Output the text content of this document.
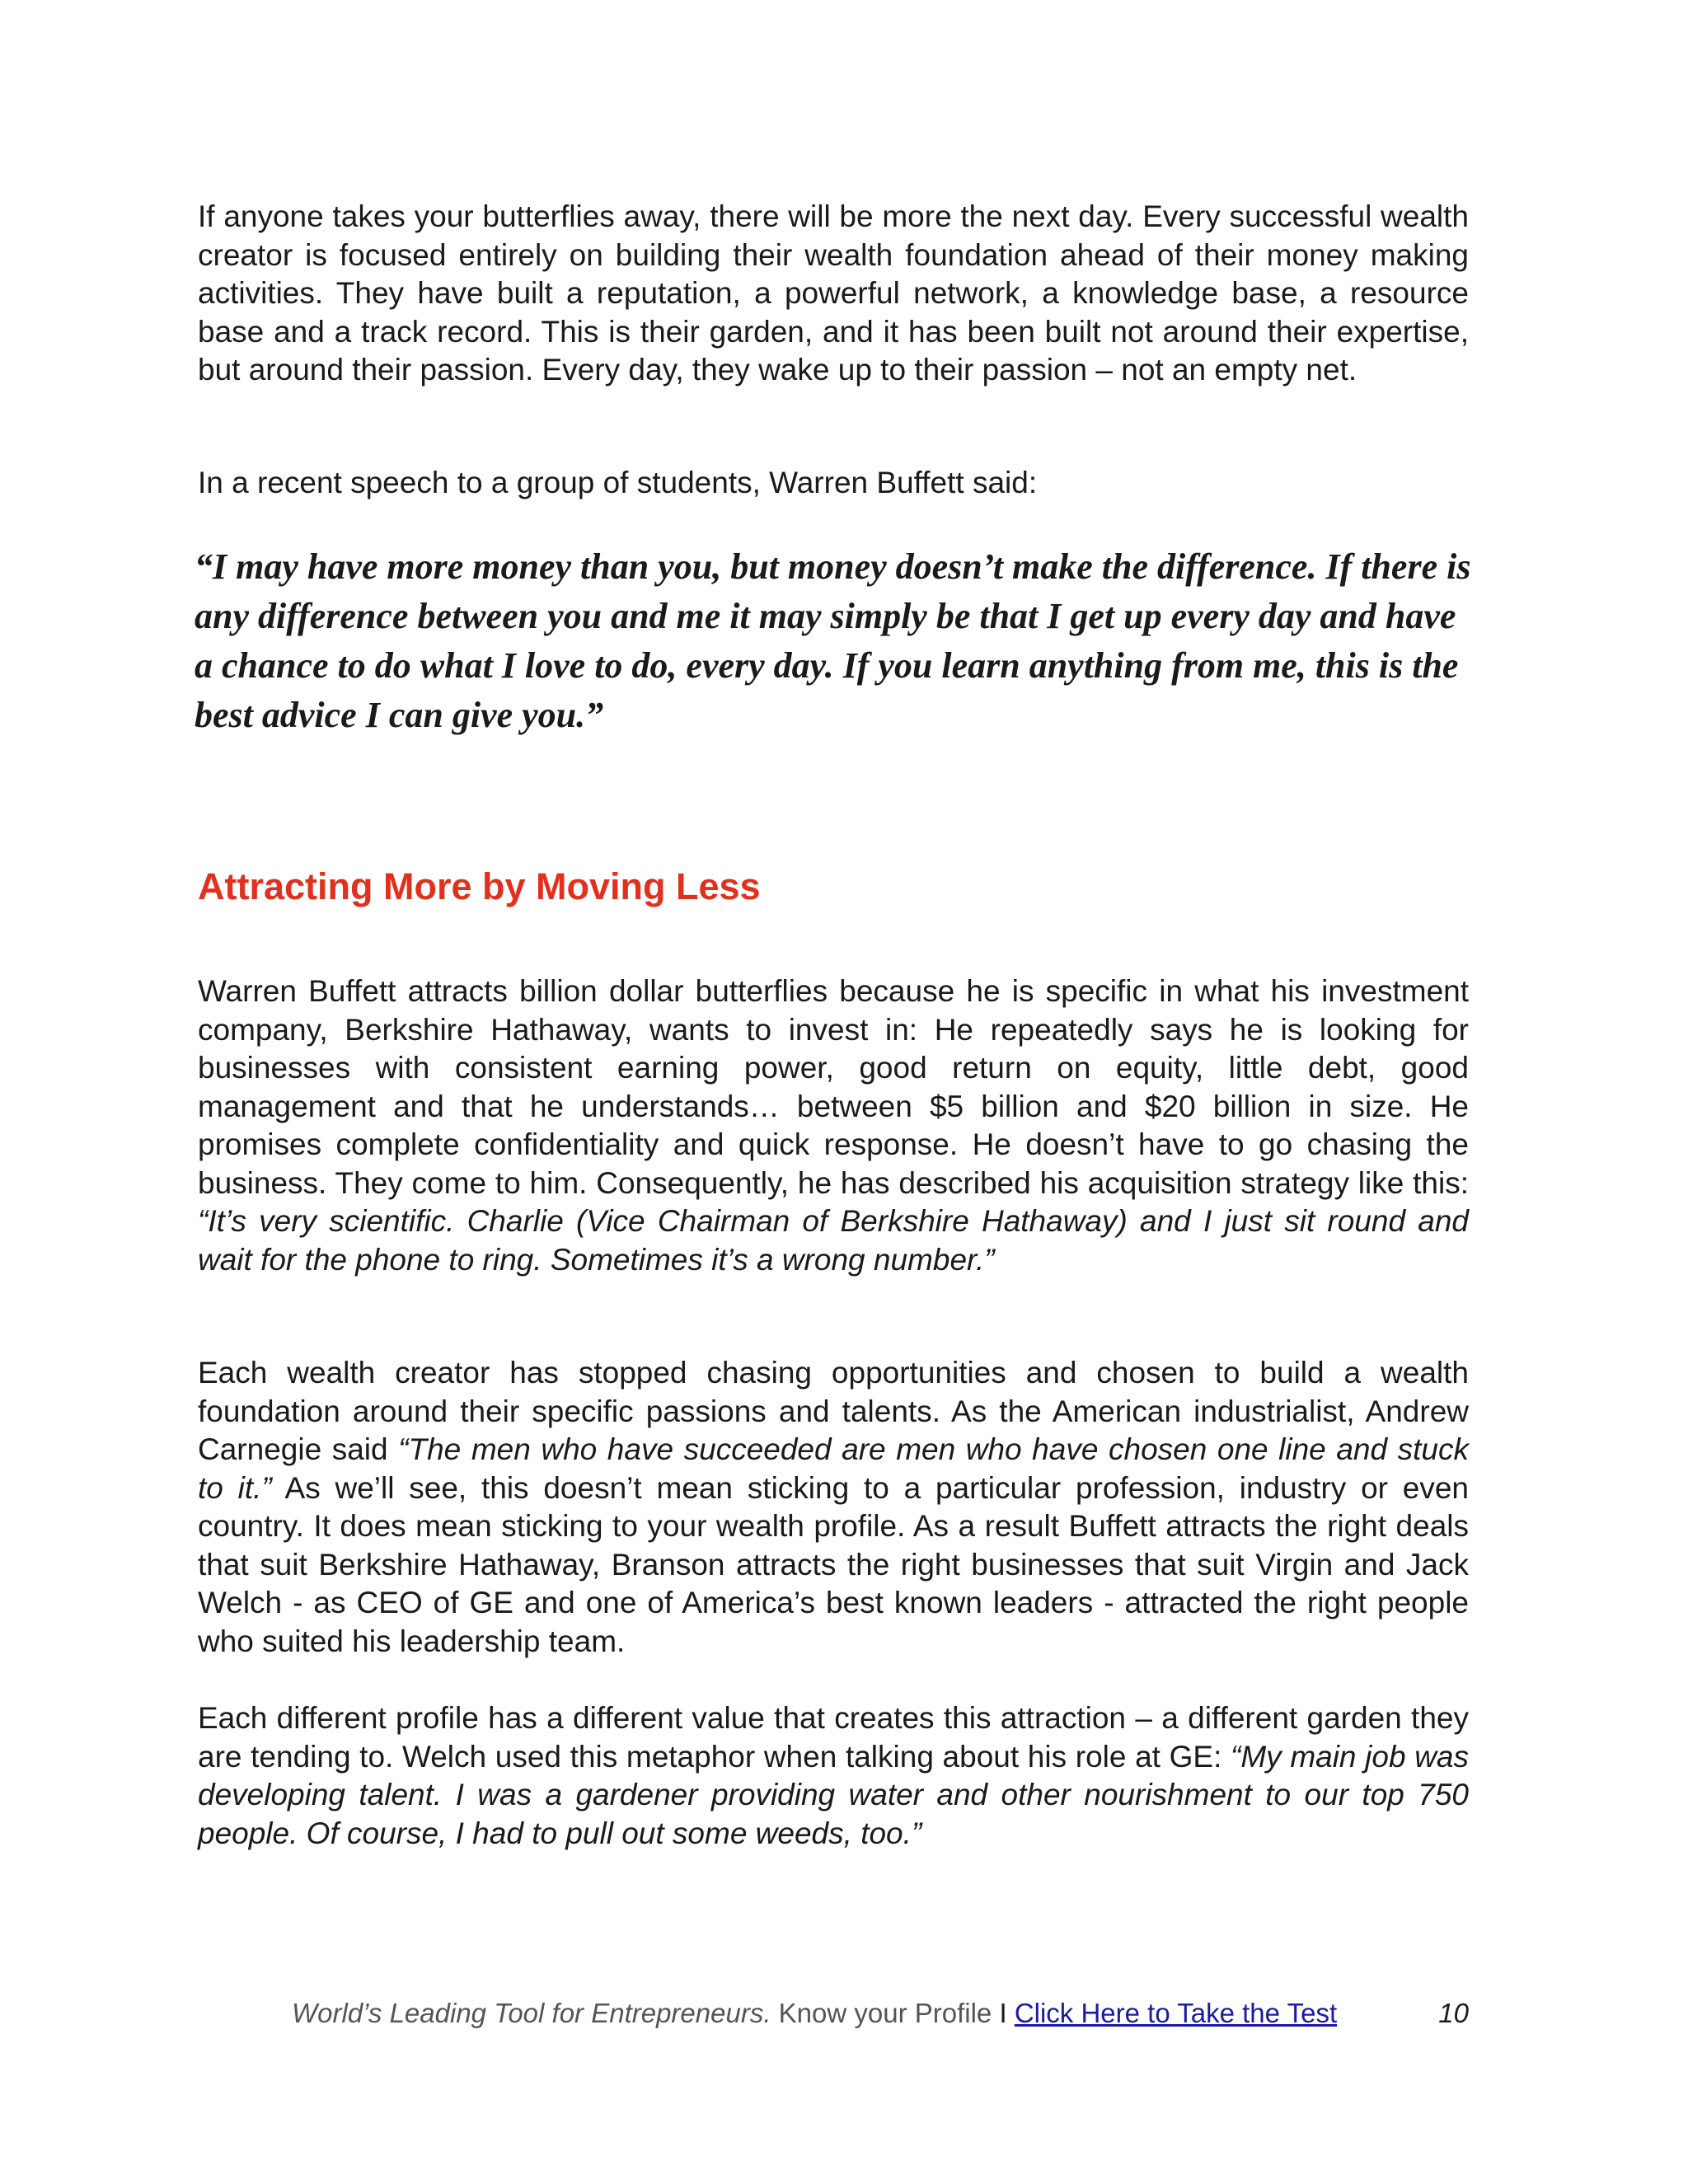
If anyone takes your butterflies away, there will be more the next day. Every successful wealth creator is focused entirely on building their wealth foundation ahead of their money making activities. They have built a reputation, a powerful network, a knowledge base, a resource base and a track record. This is their garden, and it has been built not around their expertise, but around their passion. Every day, they wake up to their passion – not an empty net.

In a recent speech to a group of students, Warren Buffett said:

“I may have more money than you, but money doesn’t make the difference. If there is any difference between you and me it may simply be that I get up every day and have a chance to do what I love to do, every day. If you learn anything from me, this is the best advice I can give you.”

Attracting More by Moving Less

Warren Buffett attracts billion dollar butterflies because he is specific in what his investment company, Berkshire Hathaway, wants to invest in: He repeatedly says he is looking for businesses with consistent earning power, good return on equity, little debt, good management and that he understands… between $5 billion and $20 billion in size. He promises complete confidentiality and quick response. He doesn’t have to go chasing the business. They come to him. Consequently, he has described his acquisition strategy like this: “It’s very scientific. Charlie (Vice Chairman of Berkshire Hathaway) and I just sit round and wait for the phone to ring. Sometimes it’s a wrong number.”

Each wealth creator has stopped chasing opportunities and chosen to build a wealth foundation around their specific passions and talents. As the American industrialist, Andrew Carnegie said “The men who have succeeded are men who have chosen one line and stuck to it.” As we’ll see, this doesn’t mean sticking to a particular profession, industry or even country. It does mean sticking to your wealth profile. As a result Buffett attracts the right deals that suit Berkshire Hathaway, Branson attracts the right businesses that suit Virgin and Jack Welch - as CEO of GE and one of America’s best known leaders - attracted the right people who suited his leadership team.

Each different profile has a different value that creates this attraction – a different garden they are tending to. Welch used this metaphor when talking about his role at GE: “My main job was developing talent. I was a gardener providing water and other nourishment to our top 750 people. Of course, I had to pull out some weeds, too.”

World’s Leading Tool for Entrepreneurs. Know your Profile I Click Here to Take the Test	10
